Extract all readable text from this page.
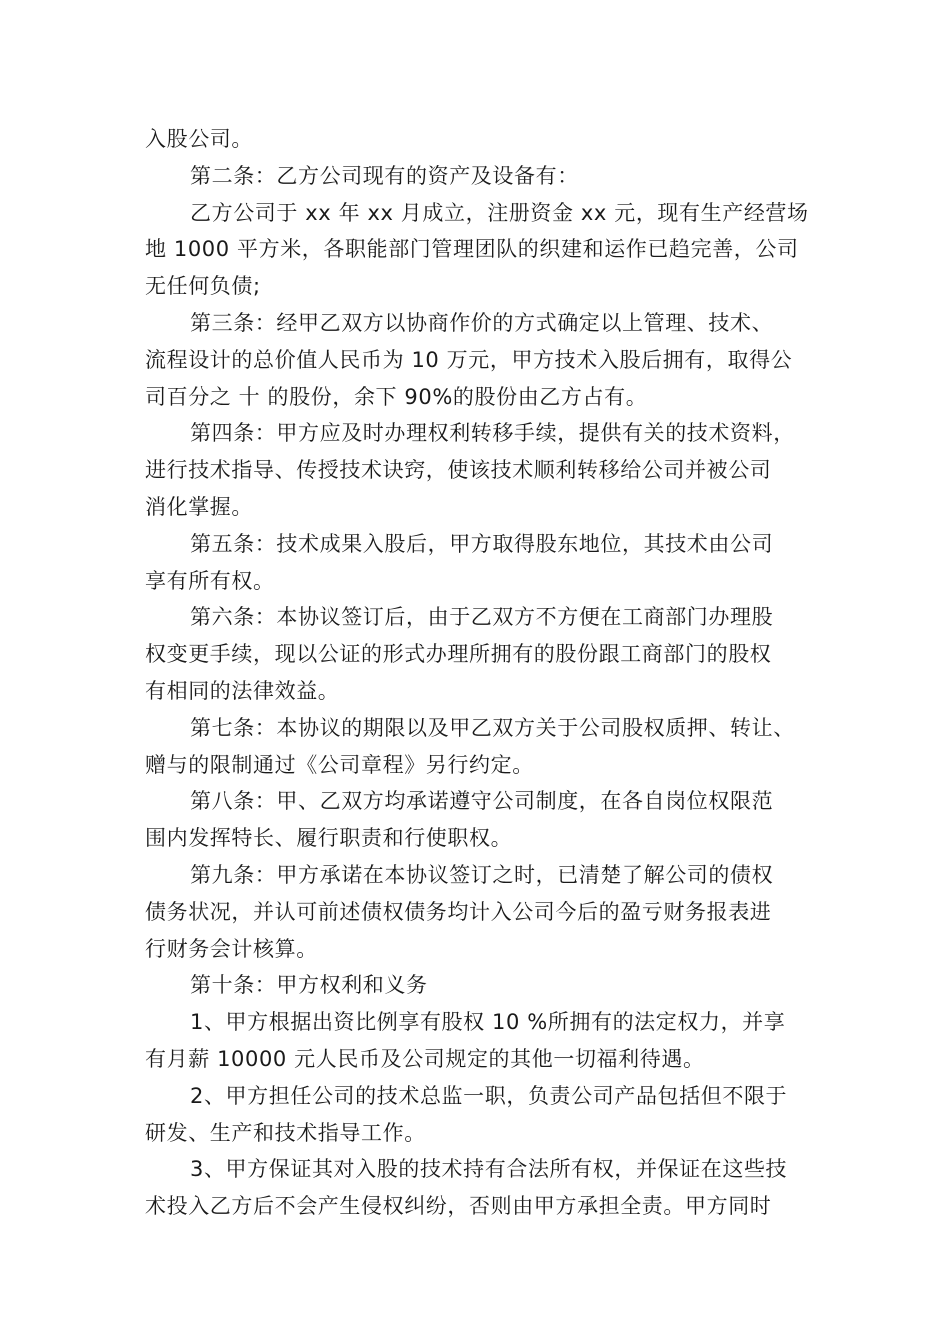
入股公司。
第二条：乙方公司现有的资产及设备有：
乙方公司于 xx 年 xx 月成立，注册资金 xx 元，现有生产经营场
地 1000 平方米，各职能部门管理团队的织建和运作已趋完善，公司
无任何负债;
第三条：经甲乙双方以协商作价的方式确定以上管理、技术、
流程设计的总价值人民币为 10 万元，甲方技术入股后拥有，取得公
司百分之 十 的股份，余下 90%的股份由乙方占有。
第四条：甲方应及时办理权利转移手续，提供有关的技术资料，
进行技术指导、传授技术诀窍，使该技术顺利转移给公司并被公司
消化掌握。
第五条：技术成果入股后，甲方取得股东地位，其技术由公司
享有所有权。
第六条：本协议签订后，由于乙双方不方便在工商部门办理股
权变更手续，现以公证的形式办理所拥有的股份跟工商部门的股权
有相同的法律效益。
第七条：本协议的期限以及甲乙双方关于公司股权质押、转让、
赠与的限制通过《公司章程》另行约定。
第八条：甲、乙双方均承诺遵守公司制度，在各自岗位权限范
围内发挥特长、履行职责和行使职权。
第九条：甲方承诺在本协议签订之时，已清楚了解公司的债权
债务状况，并认可前述债权债务均计入公司今后的盈亏财务报表进
行财务会计核算。
第十条：甲方权利和义务
1、甲方根据出资比例享有股权 10 %所拥有的法定权力，并享
有月薪 10000 元人民币及公司规定的其他一切福利待遇。
2、甲方担任公司的技术总监一职，负责公司产品包括但不限于
研发、生产和技术指导工作。
3、甲方保证其对入股的技术持有合法所有权，并保证在这些技
术投入乙方后不会产生侵权纠纷，否则由甲方承担全责。甲方同时
